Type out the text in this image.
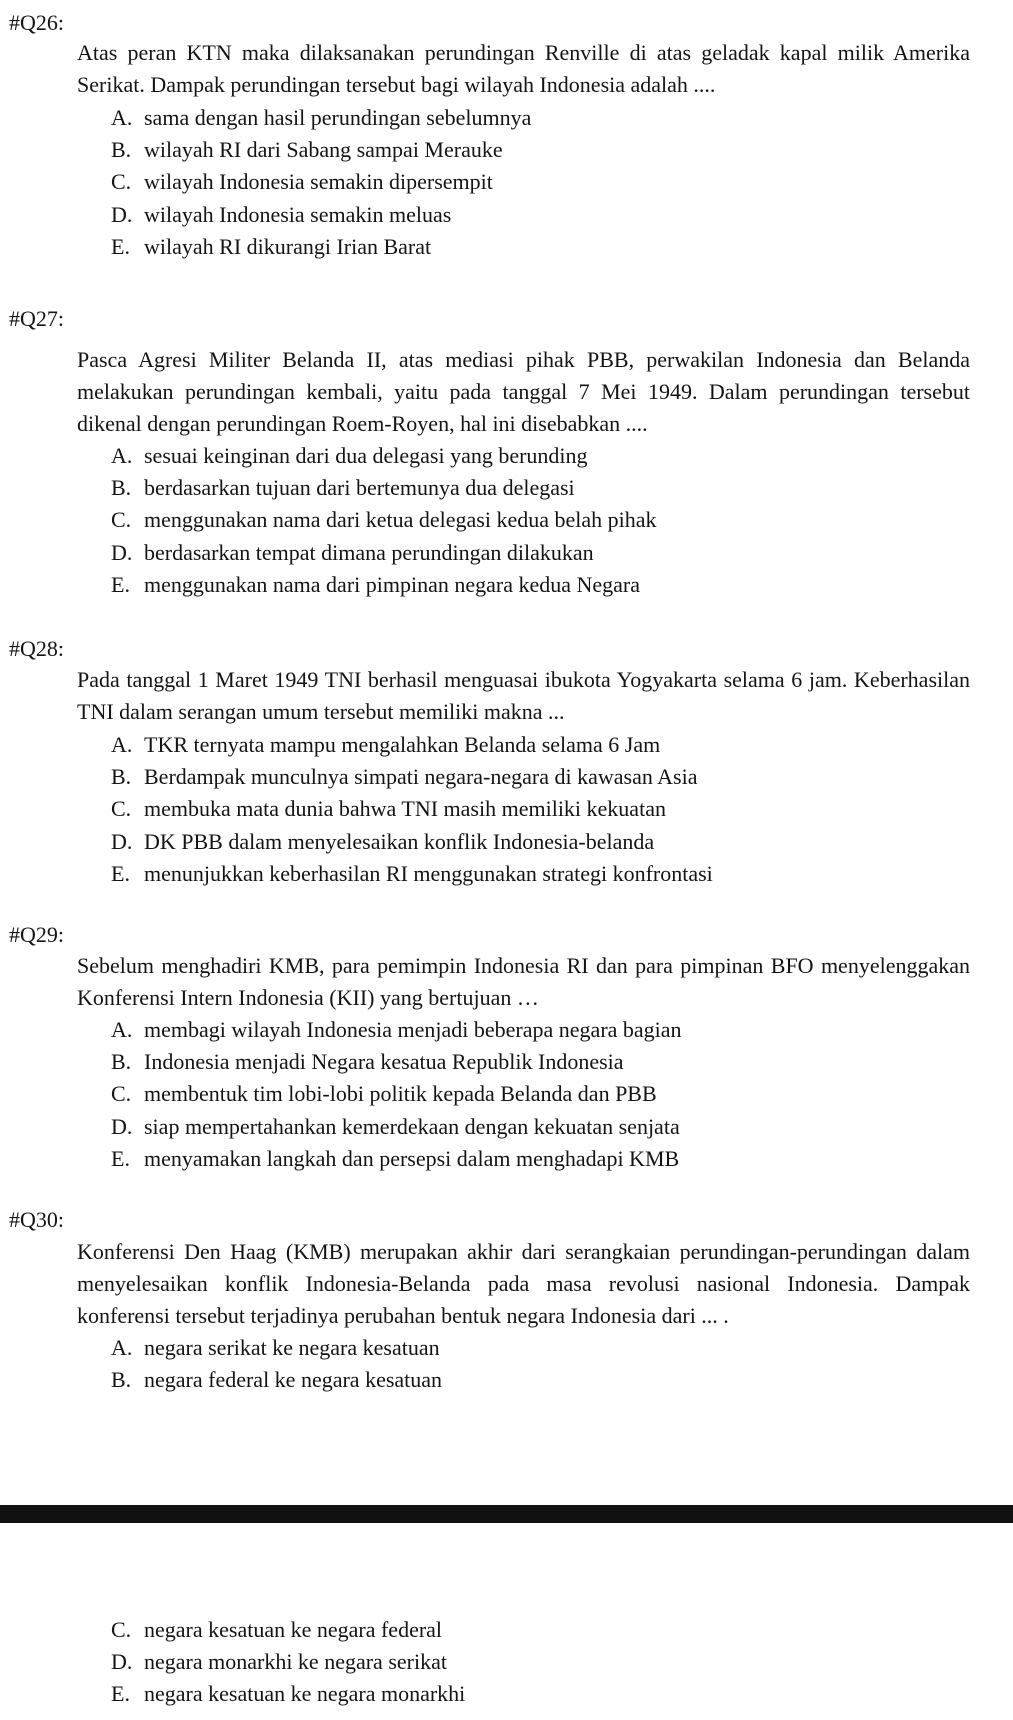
#Q26:

Atas peran KTN maka dilaksanakan perundingan Renville di atas geladak kapal milik Amerika Serikat. Dampak perundingan tersebut bagi wilayah Indonesia adalah ....

A. sama dengan hasil perundingan sebelumnya
B. wilayah RI dari Sabang sampai Merauke
C. wilayah Indonesia semakin dipersempit
D. wilayah Indonesia semakin meluas
E. wilayah RI dikurangi Irian Barat
#Q27:

Pasca Agresi Militer Belanda II, atas mediasi pihak PBB, perwakilan Indonesia dan Belanda melakukan perundingan kembali, yaitu pada tanggal 7 Mei 1949. Dalam perundingan tersebut dikenal dengan perundingan Roem-Royen, hal ini disebabkan ....

A. sesuai keinginan dari dua delegasi yang berunding
B. berdasarkan tujuan dari bertemunya dua delegasi
C. menggunakan nama dari ketua delegasi kedua belah pihak
D. berdasarkan tempat dimana perundingan dilakukan
E. menggunakan nama dari pimpinan negara kedua Negara
#Q28:

Pada tanggal 1 Maret 1949 TNI berhasil menguasai ibukota Yogyakarta selama 6 jam. Keberhasilan TNI dalam serangan umum tersebut memiliki makna ...

A. TKR ternyata mampu mengalahkan Belanda selama 6 Jam
B. Berdampak munculnya simpati negara-negara di kawasan Asia
C. membuka mata dunia bahwa TNI masih memiliki kekuatan
D. DK PBB dalam menyelesaikan konflik Indonesia-belanda
E. menunjukkan keberhasilan RI menggunakan strategi konfrontasi
#Q29:

Sebelum menghadiri KMB, para pemimpin Indonesia RI dan para pimpinan BFO menyelenggakan Konferensi Intern Indonesia (KII) yang bertujuan …

A. membagi wilayah Indonesia menjadi beberapa negara bagian
B. Indonesia menjadi Negara kesatua Republik Indonesia
C. membentuk tim lobi-lobi politik kepada Belanda dan PBB
D. siap mempertahankan kemerdekaan dengan kekuatan senjata
E. menyamakan langkah dan persepsi dalam menghadapi KMB
#Q30:

Konferensi Den Haag (KMB) merupakan akhir dari serangkaian perundingan-perundingan dalam menyelesaikan konflik Indonesia-Belanda pada masa revolusi nasional Indonesia. Dampak konferensi tersebut terjadinya perubahan bentuk negara Indonesia dari ... .

A. negara serikat ke negara kesatuan
B. negara federal ke negara kesatuan
C. negara kesatuan ke negara federal
D. negara monarkhi ke negara serikat
E. negara kesatuan ke negara monarkhi
